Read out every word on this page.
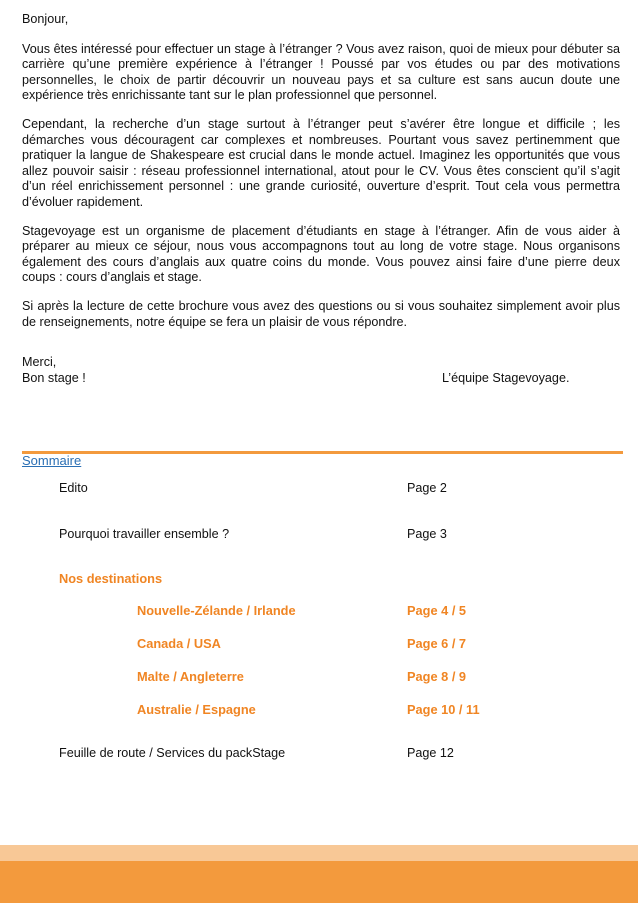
Bonjour,

Vous êtes intéressé pour effectuer un stage à l’étranger ? Vous avez raison, quoi de mieux pour débuter sa carrière qu’une première expérience à l’étranger ! Poussé par vos études ou par des motivations personnelles, le choix de partir découvrir un nouveau pays et sa culture est sans aucun doute une expérience très enrichissante tant sur le plan professionnel que personnel.

Cependant, la recherche d’un stage surtout à l’étranger peut s’avérer être longue et difficile ; les démarches vous découragent car complexes et nombreuses. Pourtant vous savez pertinemment que pratiquer la langue de Shakespeare est crucial dans le monde actuel. Imaginez les opportunités que vous allez pouvoir saisir : réseau professionnel international, atout pour le CV. Vous êtes conscient qu’il s’agit d’un réel enrichissement personnel : une grande curiosité, ouverture d’esprit. Tout cela vous permettra d’évoluer rapidement.

Stagevoyage est un organisme de placement d’étudiants en stage à l’étranger. Afin de vous aider à préparer au mieux ce séjour, nous vous accompagnons tout au long de votre stage. Nous organisons également des cours d’anglais aux quatre coins du monde. Vous pouvez ainsi faire d’une pierre deux coups : cours d’anglais et stage.

Si après la lecture de cette brochure vous avez des questions ou si vous souhaitez simplement avoir plus de renseignements, notre équipe se fera un plaisir de vous répondre.

Merci,
Bon stage !	L’équipe Stagevoyage.
Sommaire
Edito	Page 2
Pourquoi travailler ensemble ?	Page 3
Nos destinations
Nouvelle-Zélande / Irlande	Page 4 / 5
Canada / USA	Page 6 / 7
Malte / Angleterre	Page 8 / 9
Australie / Espagne	Page 10 / 11
Feuille de route / Services du packStage	Page 12
